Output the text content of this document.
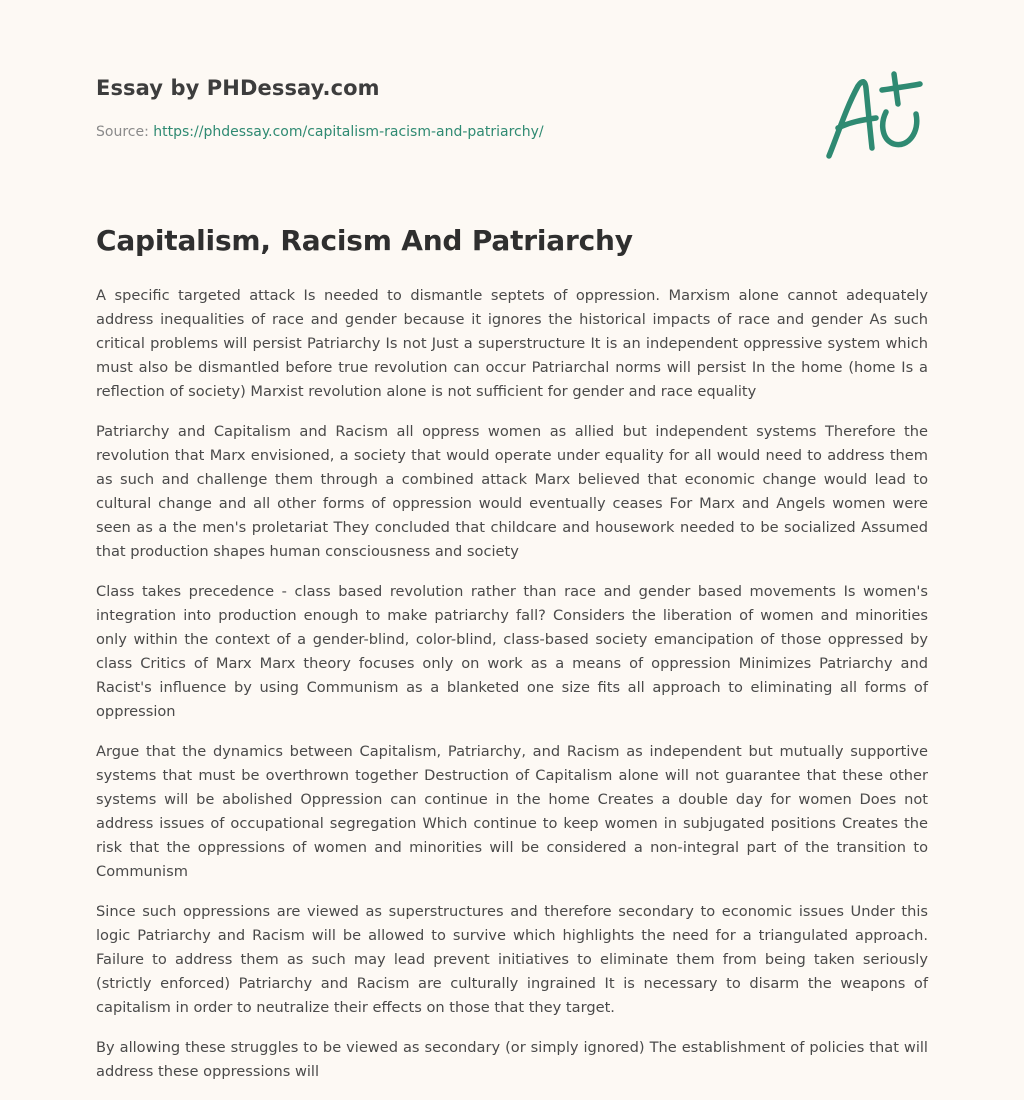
Essay by PHDessay.com
Source: https://phdessay.com/capitalism-racism-and-patriarchy/
Capitalism, Racism And Patriarchy

A specific targeted attack Is needed to dismantle septets of oppression. Marxism alone cannot adequately address inequalities of race and gender because it ignores the historical impacts of race and gender As such critical problems will persist Patriarchy Is not Just a superstructure It is an independent oppressive system which must also be dismantled before true revolution can occur Patriarchal norms will persist In the home (home Is a reflection of society) Marxist revolution alone is not sufficient for gender and race equality

Patriarchy and Capitalism and Racism all oppress women as allied but independent systems Therefore the revolution that Marx envisioned, a society that would operate under equality for all would need to address them as such and challenge them through a combined attack Marx believed that economic change would lead to cultural change and all other forms of oppression would eventually ceases For Marx and Angels women were seen as a the men's proletariat They concluded that childcare and housework needed to be socialized Assumed that production shapes human consciousness and society

Class takes precedence - class based revolution rather than race and gender based movements Is women's integration into production enough to make patriarchy fall? Considers the liberation of women and minorities only within the context of a gender-blind, color-blind, class-based society emancipation of those oppressed by class Critics of Marx Marx theory focuses only on work as a means of oppression Minimizes Patriarchy and Racist's influence by using Communism as a blanketed one size fits all approach to eliminating all forms of oppression

Argue that the dynamics between Capitalism, Patriarchy, and Racism as independent but mutually supportive systems that must be overthrown together Destruction of Capitalism alone will not guarantee that these other systems will be abolished Oppression can continue in the home Creates a double day for women Does not address issues of occupational segregation Which continue to keep women in subjugated positions Creates the risk that the oppressions of women and minorities will be considered a non-integral part of the transition to Communism

Since such oppressions are viewed as superstructures and therefore secondary to economic issues Under this logic Patriarchy and Racism will be allowed to survive which highlights the need for a triangulated approach. Failure to address them as such may lead prevent initiatives to eliminate them from being taken seriously (strictly enforced) Patriarchy and Racism are culturally ingrained It is necessary to disarm the weapons of capitalism in order to neutralize their effects on those that they target.

By allowing these struggles to be viewed as secondary (or simply ignored) The establishment of policies that will address these oppressions will
